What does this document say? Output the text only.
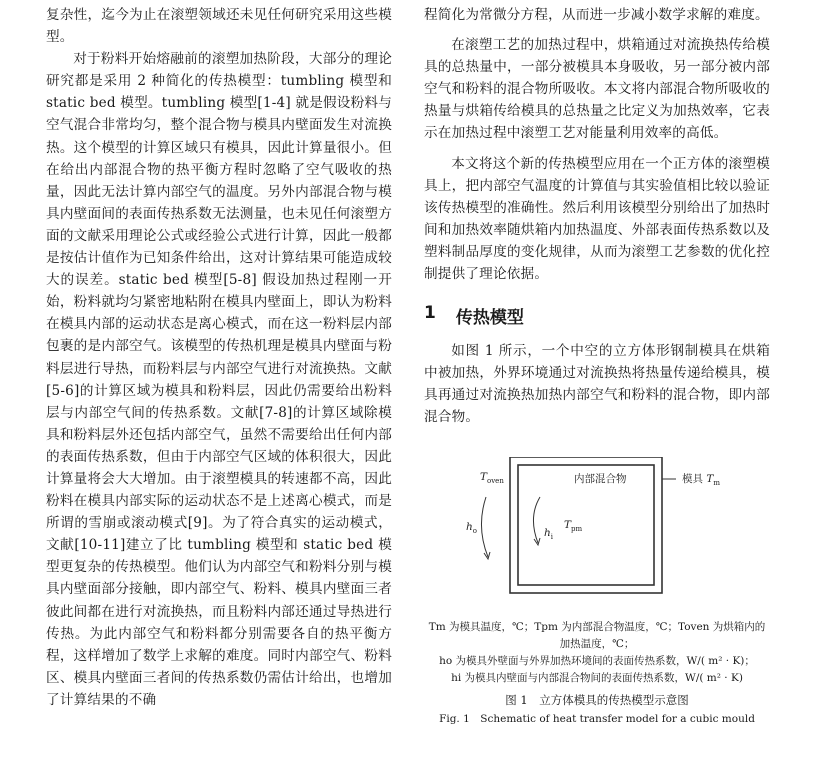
复杂性，迄今为止在滚塑领域还未见任何研究采用这些模型。

对于粉料开始熔融前的滚塑加热阶段，大部分的理论研究都是采用 2 种简化的传热模型：tumbling 模型和 static bed 模型。tumbling 模型[1-4] 就是假设粉料与空气混合非常均匀，整个混合物与模具内壁面发生对流换热。这个模型的计算区域只有模具，因此计算量很小。但在给出内部混合物的热平衡方程时忽略了空气吸收的热量，因此无法计算内部空气的温度。另外内部混合物与模具内壁面间的表面传热系数无法测量，也未见任何滚塑方面的文献采用理论公式或经验公式进行计算，因此一般都是按估计值作为已知条件给出，这对计算结果可能造成较大的误差。static bed 模型[5-8] 假设加热过程刚一开始，粉料就均匀紧密地粘附在模具内壁面上，即认为粉料在模具内部的运动状态是离心模式，而在这一粉料层内部包裹的是内部空气。该模型的传热机理是模具内壁面与粉料层进行导热，而粉料层与内部空气进行对流换热。文献[5-6]的计算区域为模具和粉料层，因此仍需要给出粉料层与内部空气间的传热系数。文献[7-8]的计算区域除模具和粉料层外还包括内部空气，虽然不需要给出任何内部的表面传热系数，但由于内部空气区域的体积很大，因此计算量将会大大增加。由于滚塑模具的转速都不高，因此粉料在模具内部实际的运动状态不是上述离心模式，而是所谓的雪崩或滚动模式[9]。为了符合真实的运动模式，文献[10-11]建立了比 tumbling 模型和 static bed 模型更复杂的传热模型。他们认为内部空气和粉料分别与模具内壁面部分接触，即内部空气、粉料、模具内壁面三者彼此间都在进行对流换热，而且粉料内部还通过导热进行传热。为此内部空气和粉料都分别需要各自的热平衡方程，这样增加了数学上求解的难度。同时内部空气、粉料区、模具内壁面三者间的传热系数仍需估计给出，也增加了计算结果的不确

程简化为常微分方程，从而进一步减小数学求解的难度。

在滚塑工艺的加热过程中，烘箱通过对流换热传给模具的总热量中，一部分被模具本身吸收，另一部分被内部空气和粉料的混合物所吸收。本文将内部混合物所吸收的热量与烘箱传给模具的总热量之比定义为加热效率，它表示在加热过程中滚塑工艺对能量利用效率的高低。

本文将这个新的传热模型应用在一个正方体的滚塑模具上，把内部空气温度的计算值与其实验值相比较以验证该传热模型的准确性。然后利用该模型分别给出了加热时间和加热效率随烘箱内加热温度、外部表面传热系数以及塑料制品厚度的变化规律，从而为滚塑工艺参数的优化控制提供了理论依据。

1 传热模型

如图 1 所示，一个中空的立方体形钢制模具在烘箱中被加热，外界环境通过对流换热将热量传递给模具，模具再通过对流换热加热内部空气和粉料的混合物，即内部混合物。

内部混合物	模具 $T_m$
$T_{oven}$
$T_{pm}$
$h_o$	$h_i$
Tm 为模具温度，℃；Tpm 为内部混合物温度，℃；Toven 为烘箱内的加热温度，℃；
ho 为模具外壁面与外界加热环境间的表面传热系数，W/( m² · K)；
hi 为模具内壁面与内部混合物间的表面传热系数，W/( m² · K)
图 1　立方体模具的传热模型示意图
Fig. 1　Schematic of heat transfer model for a cubic mould
